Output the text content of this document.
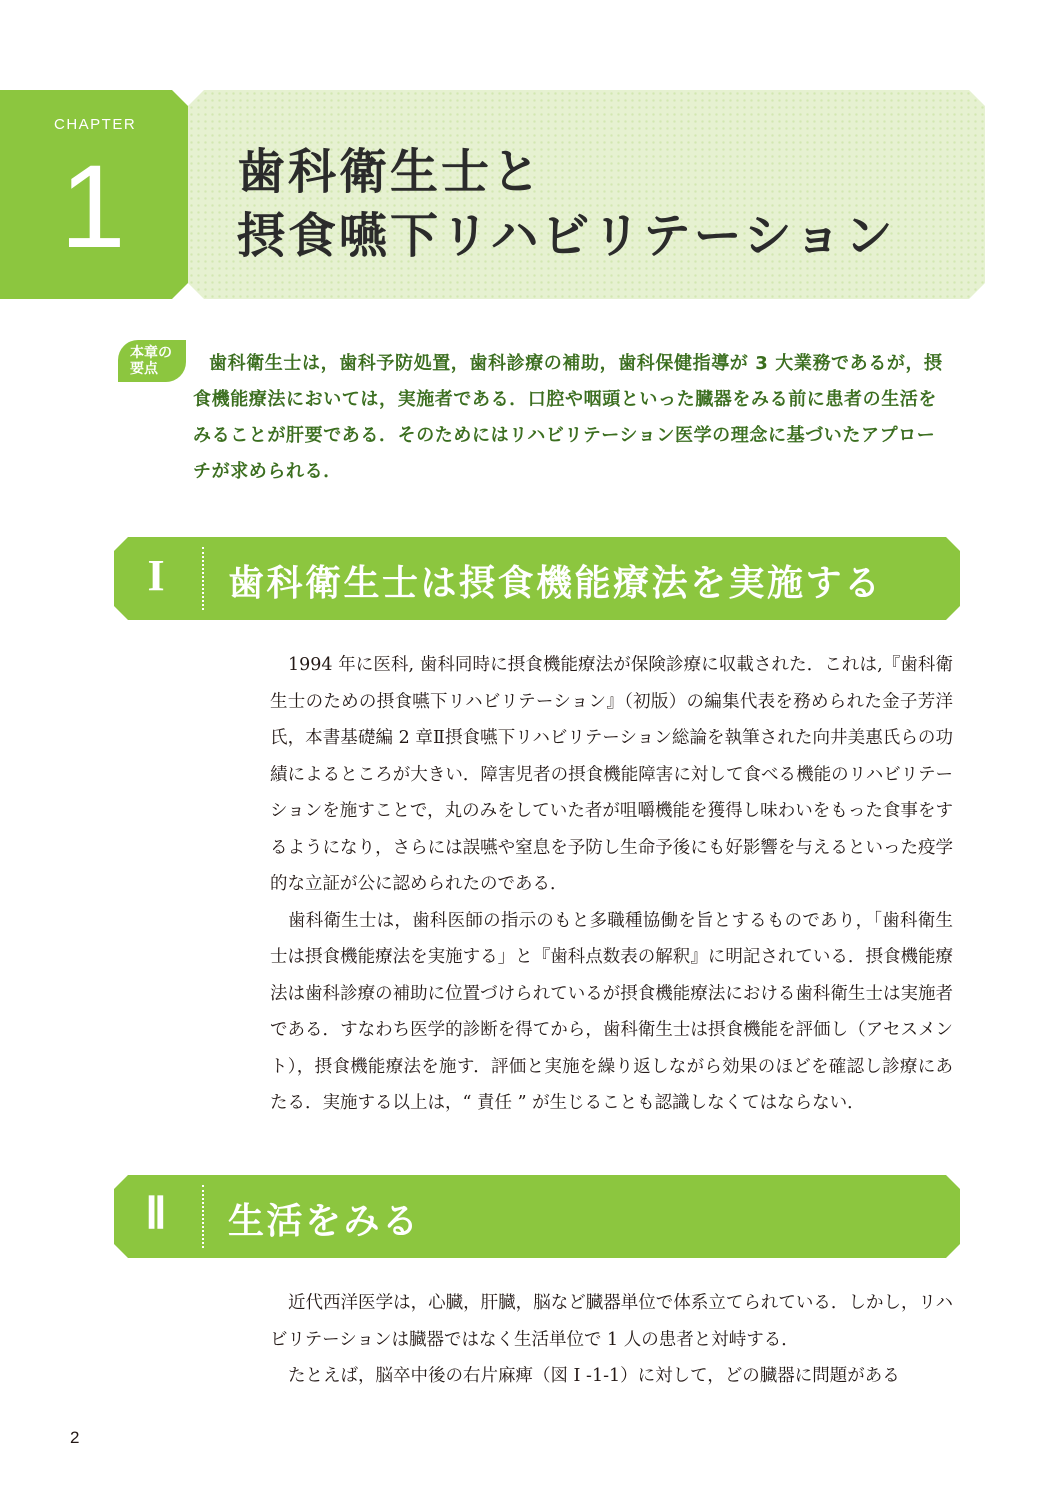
CHAPTER
1 歯科衛生士と
摂食嚥下リハビリテーション
本章の
要点	歯科衛生士は，歯科予防処置，歯科診療の補助，歯科保健指導が 3 大業務であるが，摂食機能療法においては，実施者である．口腔や咽頭といった臓器をみる前に患者の生活をみることが肝要である．そのためにはリハビリテーション医学の理念に基づいたアプローチが求められる．
I	歯科衛生士は摂食機能療法を実施する

1994 年に医科, 歯科同時に摂食機能療法が保険診療に収載された．これは,『歯科衛生士のための摂食嚥下リハビリテーション』（初版）の編集代表を務められた金子芳洋氏，本書基礎編 2 章Ⅱ摂食嚥下リハビリテーション総論を執筆された向井美惠氏らの功績によるところが大きい．障害児者の摂食機能障害に対して食べる機能のリハビリテーションを施すことで，丸のみをしていた者が咀嚼機能を獲得し味わいをもった食事をするようになり，さらには誤嚥や窒息を予防し生命予後にも好影響を与えるといった疫学的な立証が公に認められたのである．

歯科衛生士は，歯科医師の指示のもと多職種協働を旨とするものであり，「歯科衛生士は摂食機能療法を実施する」と『歯科点数表の解釈』に明記されている．摂食機能療法は歯科診療の補助に位置づけられているが摂食機能療法における歯科衛生士は実施者である．すなわち医学的診断を得てから，歯科衛生士は摂食機能を評価し（アセスメント），摂食機能療法を施す．評価と実施を繰り返しながら効果のほどを確認し診療にあたる．実施する以上は，“ 責任 ” が生じることも認識しなくてはならない．

Ⅱ	生活をみる

近代西洋医学は，心臓，肝臓，脳など臓器単位で体系立てられている．しかし，リハビリテーションは臓器ではなく生活単位で 1 人の患者と対峙する．

たとえば，脳卒中後の右片麻痺（図 I -1-1）に対して，どの臓器に問題がある

2
